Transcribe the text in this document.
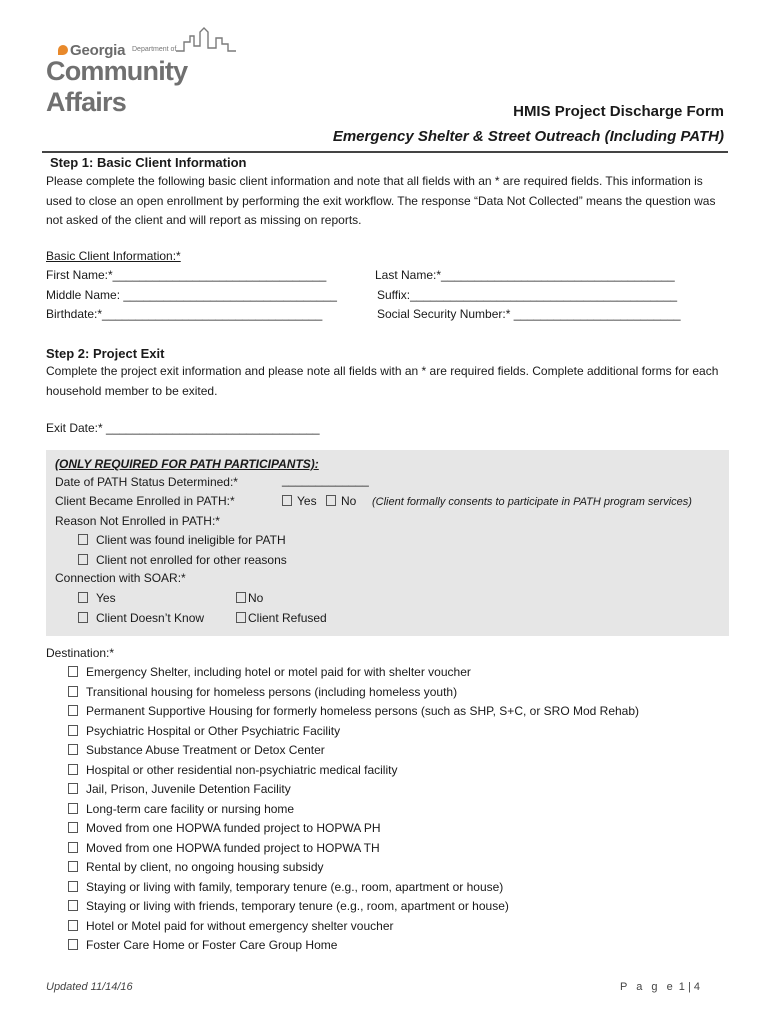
Georgia Department of
Community Affairs	HMIS Project Discharge Form
Emergency Shelter & Street Outreach (Including PATH)
Step 1: Basic Client Information
Please complete the following basic client information and note that all fields with an * are required fields. This information is used to close an open enrollment by performing the exit workflow. The response “Data Not Collected” means the question was not asked of the client and will report as missing on reports.
Basic Client Information:*
First Name:*________________________________	Last Name:*___________________________________
Middle Name: ________________________________	Suffix:________________________________________
Birthdate:*_________________________________	Social Security Number:* _________________________
Step 2: Project Exit
Complete the project exit information and please note all fields with an * are required fields. Complete additional forms for each household member to be exited.
Exit Date:* ________________________________
(ONLY REQUIRED FOR PATH PARTICIPANTS):
Date of PATH Status Determined:*	_____________
Client Became Enrolled in PATH:*	Yes	No (Client formally consents to participate in PATH program services)
Reason Not Enrolled in PATH:*
Client was found ineligible for PATH
Client not enrolled for other reasons
Connection with SOAR:*
Yes	No
Client Doesn’t Know	Client Refused
Destination:*
Emergency Shelter, including hotel or motel paid for with shelter voucher
Transitional housing for homeless persons (including homeless youth)
Permanent Supportive Housing for formerly homeless persons (such as SHP, S+C, or SRO Mod Rehab)
Psychiatric Hospital or Other Psychiatric Facility
Substance Abuse Treatment or Detox Center
Hospital or other residential non-psychiatric medical facility
Jail, Prison, Juvenile Detention Facility
Long-term care facility or nursing home
Moved from one HOPWA funded project to HOPWA PH
Moved from one HOPWA funded project to HOPWA TH
Rental by client, no ongoing housing subsidy
Staying or living with family, temporary tenure (e.g., room, apartment or house)
Staying or living with friends, temporary tenure (e.g., room, apartment or house)
Hotel or Motel paid for without emergency shelter voucher
Foster Care Home or Foster Care Group Home
Updated 11/14/16	P a g e 1 | 4
